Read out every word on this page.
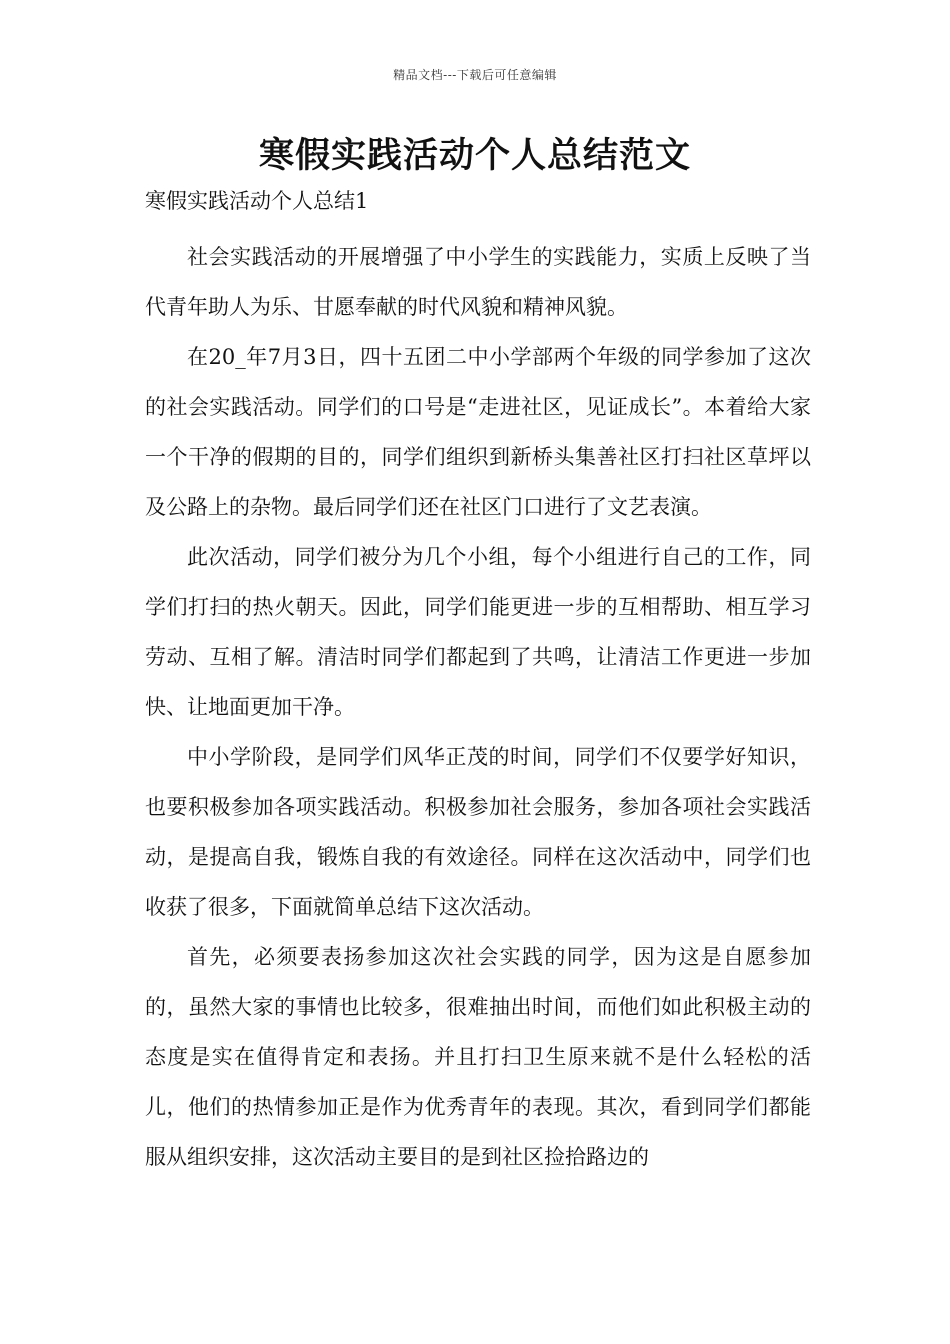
精品文档---下载后可任意编辑
寒假实践活动个人总结范文
寒假实践活动个人总结1

社会实践活动的开展增强了中小学生的实践能力，实质上反映了当代青年助人为乐、甘愿奉献的时代风貌和精神风貌。

在20_年7月3日，四十五团二中小学部两个年级的同学参加了这次的社会实践活动。同学们的口号是“走进社区，见证成长”。本着给大家一个干净的假期的目的，同学们组织到新桥头集善社区打扫社区草坪以及公路上的杂物。最后同学们还在社区门口进行了文艺表演。

此次活动，同学们被分为几个小组，每个小组进行自己的工作，同学们打扫的热火朝天。因此，同学们能更进一步的互相帮助、相互学习劳动、互相了解。清洁时同学们都起到了共鸣，让清洁工作更进一步加快、让地面更加干净。

中小学阶段，是同学们风华正茂的时间，同学们不仅要学好知识，也要积极参加各项实践活动。积极参加社会服务，参加各项社会实践活动，是提高自我，锻炼自我的有效途径。同样在这次活动中，同学们也收获了很多，下面就简单总结下这次活动。

首先，必须要表扬参加这次社会实践的同学，因为这是自愿参加的，虽然大家的事情也比较多，很难抽出时间，而他们如此积极主动的态度是实在值得肯定和表扬。并且打扫卫生原来就不是什么轻松的活儿，他们的热情参加正是作为优秀青年的表现。其次，看到同学们都能服从组织安排，这次活动主要目的是到社区捡拾路边的
